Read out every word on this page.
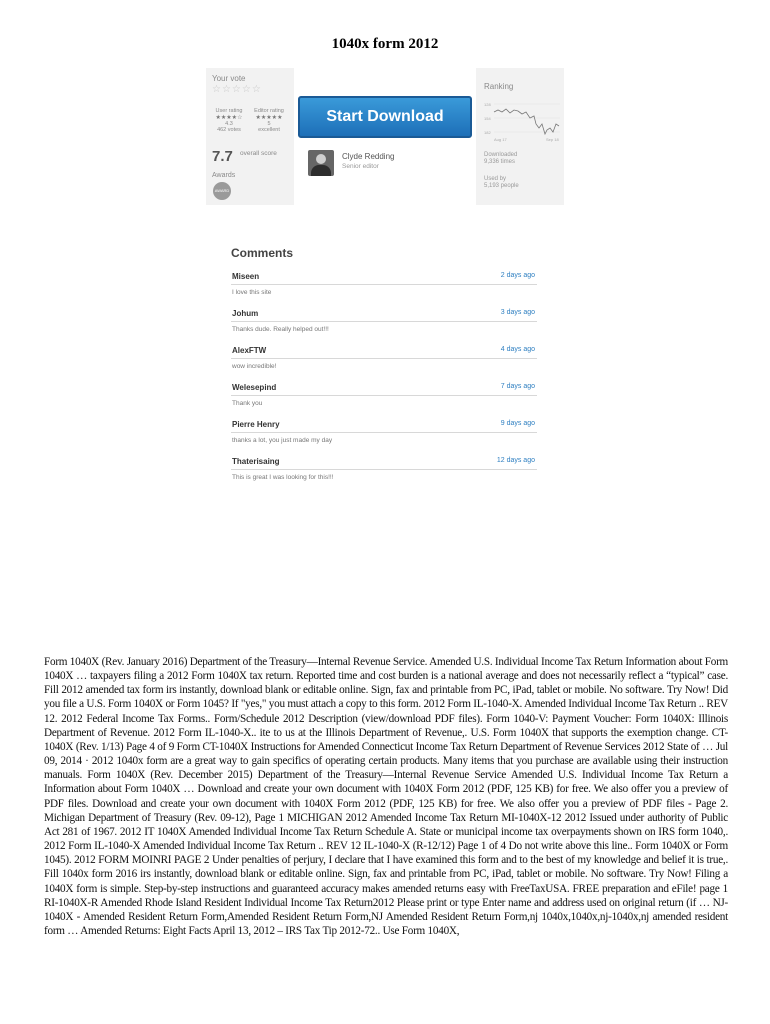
1040x form 2012
Your vote
☆☆☆☆☆
User rating
★★★★☆
4.3
462 votes
Editor rating
★★★★★
5
excellent
7.7 overall score
Awards
AWARD
Start Download
Clyde Redding
Senior editor
Ranking
128
154
182
Aug 17	Sep 18
Downloaded
9,336 times
Used by
5,193 people
Comments
Miseen	2 days ago
I love this site
Johum	3 days ago
Thanks dude. Really helped out!!!
AlexFTW	4 days ago
wow incredible!
Welesepind	7 days ago
Thank you
Pierre Henry	9 days ago
thanks a lot, you just made my day
Thaterisaing	12 days ago
This is great I was looking for this!!!

Form 1040X (Rev. January 2016) Department of the Treasury—Internal Revenue Service. Amended U.S. Individual Income Tax Return Information about Form 1040X … taxpayers filing a 2012 Form 1040X tax return. Reported time and cost burden is a national average and does not necessarily reflect a “typical” case. Fill 2012 amended tax form irs instantly, download blank or editable online. Sign, fax and printable from PC, iPad, tablet or mobile. No software. Try Now! Did you file a U.S. Form 1040X or Form 1045? If "yes," you must attach a copy to this form. 2012 Form IL-1040-X. Amended Individual Income Tax Return .. REV 12. 2012 Federal Income Tax Forms.. Form/Schedule 2012 Description (view/download PDF files). Form 1040-V: Payment Voucher: Form 1040X: Illinois Department of Revenue. 2012 Form IL-1040-X.. ite to us at the Illinois Department of Revenue,. U.S. Form 1040X that supports the exemption change. CT-1040X (Rev. 1/13) Page 4 of 9 Form CT-1040X Instructions for Amended Connecticut Income Tax Return Department of Revenue Services 2012 State of … Jul 09, 2014 · 2012 1040x form are a great way to gain specifics of operating certain products. Many items that you purchase are available using their instruction manuals. Form 1040X (Rev. December 2015) Department of the Treasury—Internal Revenue Service Amended U.S. Individual Income Tax Return a Information about Form 1040X … Download and create your own document with 1040X Form 2012 (PDF, 125 KB) for free. We also offer you a preview of PDF files. Download and create your own document with 1040X Form 2012 (PDF, 125 KB) for free. We also offer you a preview of PDF files - Page 2. Michigan Department of Treasury (Rev. 09-12), Page 1 MICHIGAN 2012 Amended Income Tax Return MI-1040X-12 2012 Issued under authority of Public Act 281 of 1967. 2012 IT 1040X Amended Individual Income Tax Return Schedule A. State or municipal income tax overpayments shown on IRS form 1040,. 2012 Form IL-1040-X Amended Individual Income Tax Return .. REV 12 IL-1040-X (R-12/12) Page 1 of 4 Do not write above this line.. Form 1040X or Form 1045). 2012 FORM MOINRI PAGE 2 Under penalties of perjury, I declare that I have examined this form and to the best of my knowledge and belief it is true,. Fill 1040x form 2016 irs instantly, download blank or editable online. Sign, fax and printable from PC, iPad, tablet or mobile. No software. Try Now! Filing a 1040X form is simple. Step-by-step instructions and guaranteed accuracy makes amended returns easy with FreeTaxUSA. FREE preparation and eFile! page 1 RI-1040X-R Amended Rhode Island Resident Individual Income Tax Return2012 Please print or type Enter name and address used on original return (if … NJ-1040X - Amended Resident Return Form,Amended Resident Return Form,NJ Amended Resident Return Form,nj 1040x,1040x,nj-1040x,nj amended resident form … Amended Returns: Eight Facts April 13, 2012 – IRS Tax Tip 2012-72.. Use Form 1040X,
